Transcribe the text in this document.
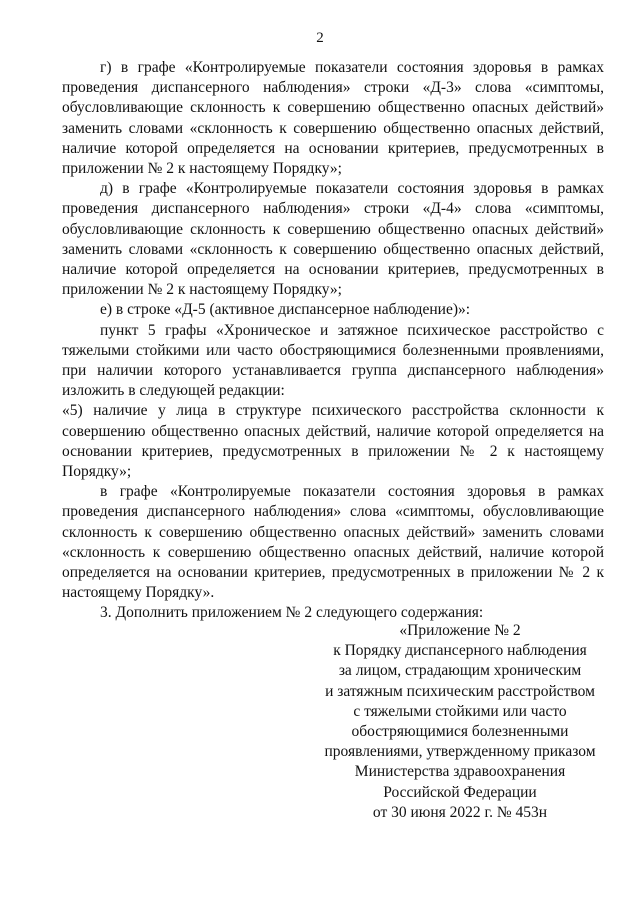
2

г) в графе «Контролируемые показатели состояния здоровья в рамках проведения диспансерного наблюдения» строки «Д-3» слова «симптомы, обусловливающие склонность к совершению общественно опасных действий» заменить словами «склонность к совершению общественно опасных действий, наличие которой определяется на основании критериев, предусмотренных в приложении № 2 к настоящему Порядку»;

д) в графе «Контролируемые показатели состояния здоровья в рамках проведения диспансерного наблюдения» строки «Д-4» слова «симптомы, обусловливающие склонность к совершению общественно опасных действий» заменить словами «склонность к совершению общественно опасных действий, наличие которой определяется на основании критериев, предусмотренных в приложении № 2 к настоящему Порядку»;

е) в строке «Д-5 (активное диспансерное наблюдение)»:

пункт 5 графы «Хроническое и затяжное психическое расстройство с тяжелыми стойкими или часто обостряющимися болезненными проявлениями, при наличии которого устанавливается группа диспансерного наблюдения» изложить в следующей редакции:

«5) наличие у лица в структуре психического расстройства склонности к совершению общественно опасных действий, наличие которой определяется на основании критериев, предусмотренных в приложении № 2 к настоящему Порядку»;

в графе «Контролируемые показатели состояния здоровья в рамках проведения диспансерного наблюдения» слова «симптомы, обусловливающие склонность к совершению общественно опасных действий» заменить словами «склонность к совершению общественно опасных действий, наличие которой определяется на основании критериев, предусмотренных в приложении № 2 к настоящему Порядку».

3. Дополнить приложением № 2 следующего содержания:

«Приложение № 2
к Порядку диспансерного наблюдения
за лицом, страдающим хроническим
и затяжным психическим расстройством
с тяжелыми стойкими или часто
обостряющимися болезненными
проявлениями, утвержденному приказом
Министерства здравоохранения
Российской Федерации
от 30 июня 2022 г. № 453н
